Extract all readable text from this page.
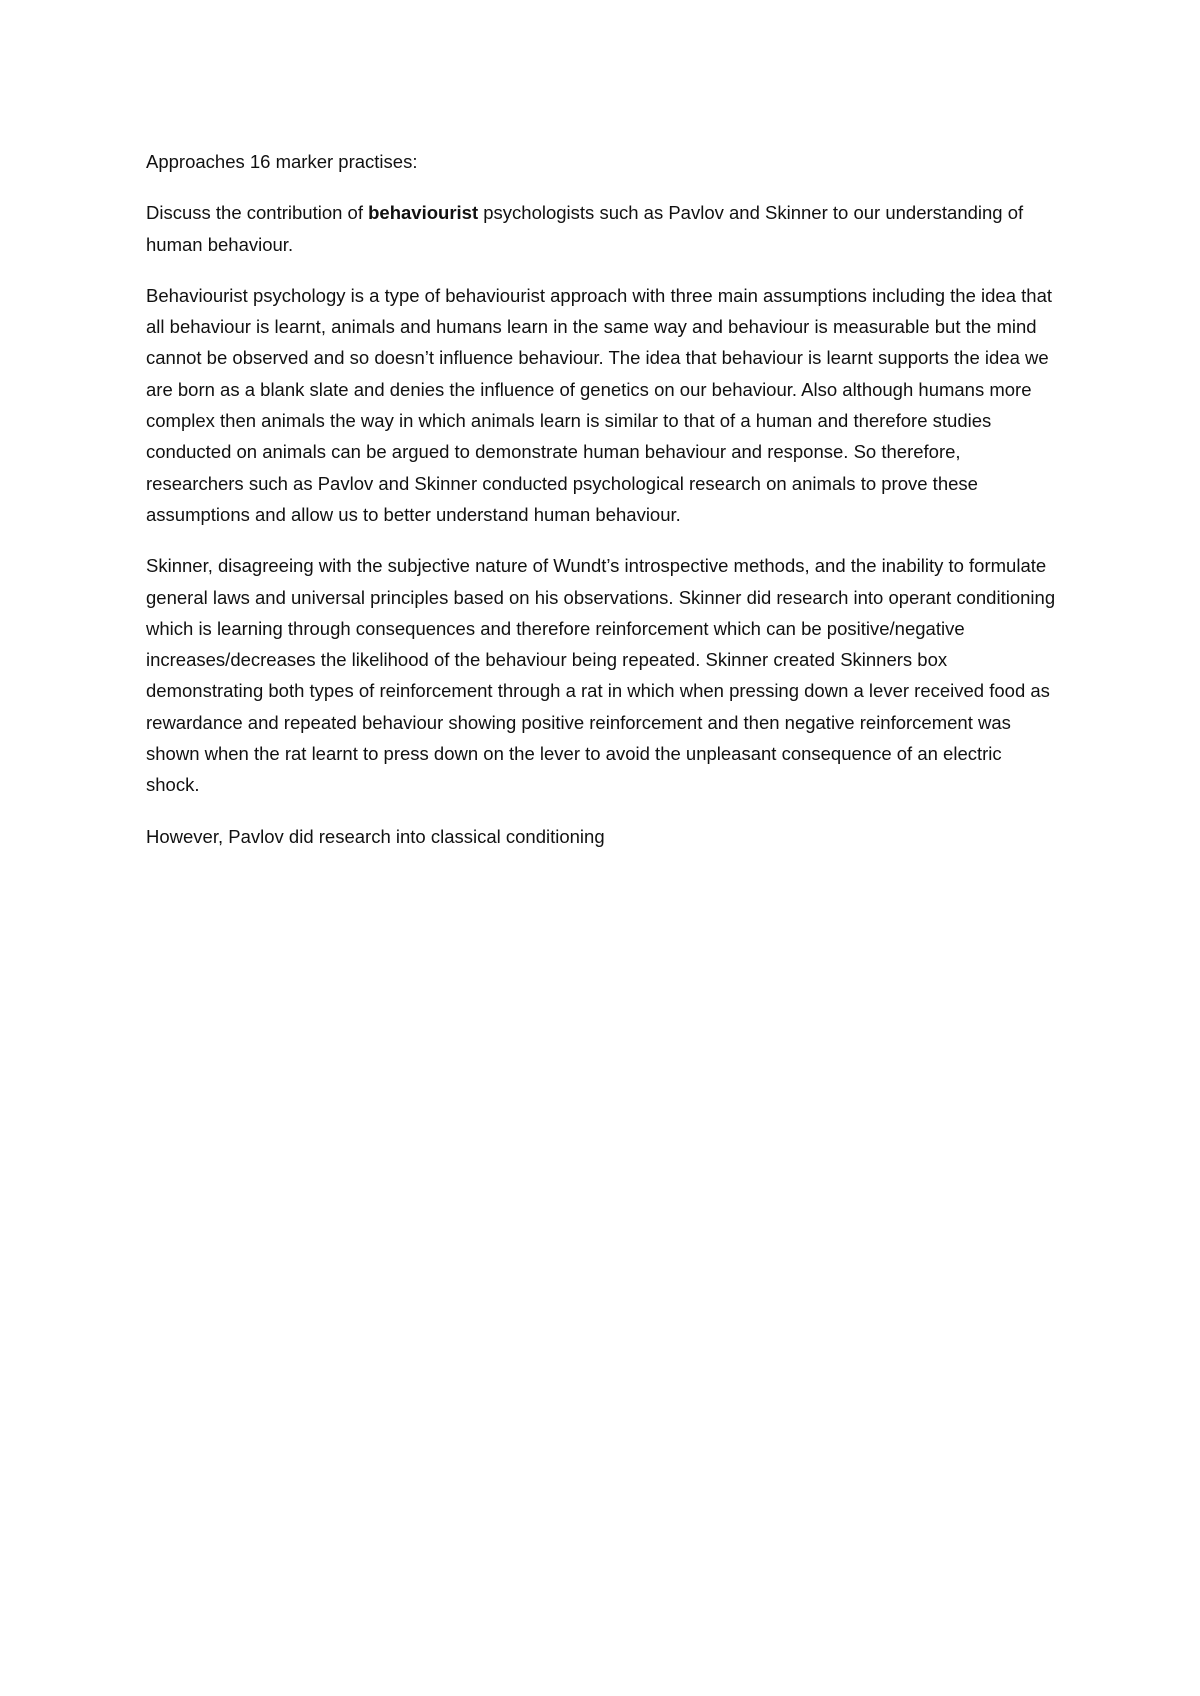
Approaches 16 marker practises:

Discuss the contribution of behaviourist psychologists such as Pavlov and Skinner to our understanding of human behaviour.

Behaviourist psychology is a type of behaviourist approach with three main assumptions including the idea that all behaviour is learnt, animals and humans learn in the same way and behaviour is measurable but the mind cannot be observed and so doesn’t influence behaviour. The idea that behaviour is learnt supports the idea we are born as a blank slate and denies the influence of genetics on our behaviour. Also although humans more complex then animals the way in which animals learn is similar to that of a human and therefore studies conducted on animals can be argued to demonstrate human behaviour and response. So therefore, researchers such as Pavlov and Skinner conducted psychological research on animals to prove these assumptions and allow us to better understand human behaviour.

Skinner, disagreeing with the subjective nature of Wundt’s introspective methods, and the inability to formulate general laws and universal principles based on his observations. Skinner did research into operant conditioning which is learning through consequences and therefore reinforcement which can be positive/negative increases/decreases the likelihood of the behaviour being repeated. Skinner created Skinners box demonstrating both types of reinforcement through a rat in which when pressing down a lever received food as rewardance and repeated behaviour showing positive reinforcement and then negative reinforcement was shown when the rat learnt to press down on the lever to avoid the unpleasant consequence of an electric shock.

However, Pavlov did research into classical conditioning
